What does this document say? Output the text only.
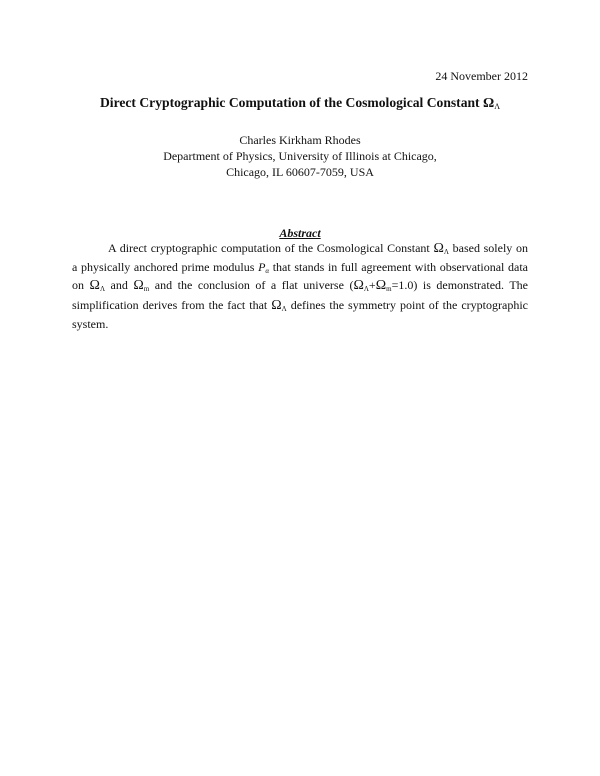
24 November 2012
Direct Cryptographic Computation of the Cosmological Constant $\Omega_\Lambda$
Charles Kirkham Rhodes
Department of Physics, University of Illinois at Chicago,
Chicago, IL 60607-7059, USA
Abstract
A direct cryptographic computation of the Cosmological Constant $\Omega_\Lambda$ based solely on a physically anchored prime modulus $P_\alpha$ that stands in full agreement with observational data on $\Omega_\Lambda$ and $\Omega_m$ and the conclusion of a flat universe $(\Omega_\Lambda+\Omega_m=1.0)$ is demonstrated. The simplification derives from the fact that $\Omega_\Lambda$ defines the symmetry point of the cryptographic system.
